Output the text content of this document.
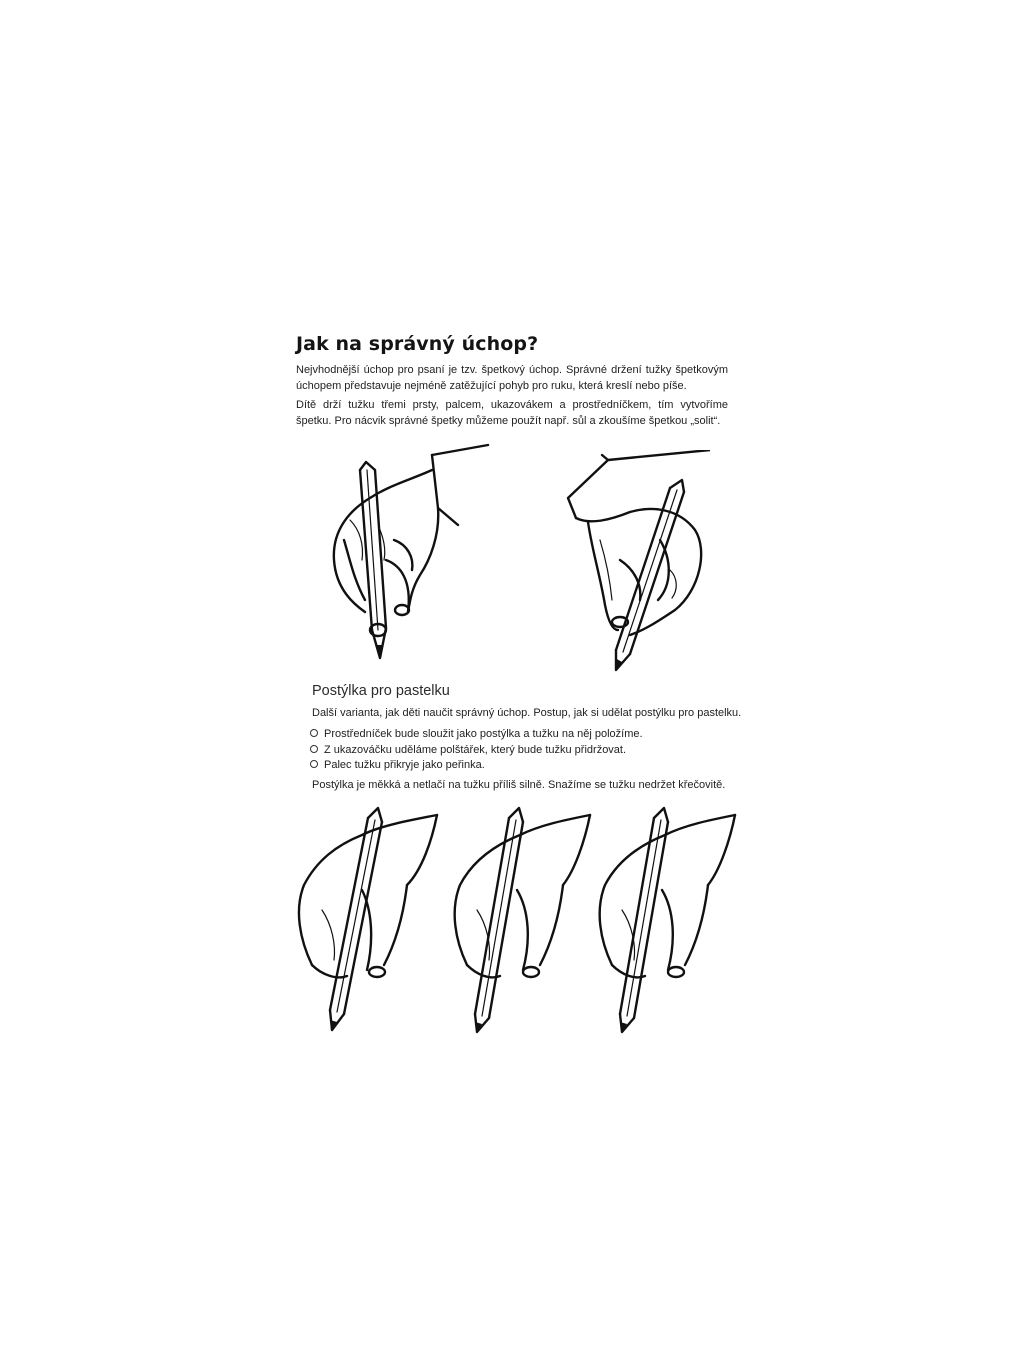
Jak na správný úchop?
Nejvhodnější úchop pro psaní je tzv. špetkový úchop. Správné držení tužky špetkovým úchopem představuje nejméně zatěžující pohyb pro ruku, která kreslí nebo píše.
Dítě drží tužku třemi prsty, palcem, ukazovákem a prostředníčkem, tím vytvoříme špetku. Pro nácvik správné špetky můžeme použít např. sůl a zkoušíme špetkou „solit“.
Postýlka pro pastelku
Další varianta, jak děti naučit správný úchop. Postup, jak si udělat postýlku pro pastelku.
Prostředníček bude sloužit jako postýlka a tužku na něj položíme.
Z ukazováčku uděláme polštářek, který bude tužku přidržovat.
Palec tužku přikryje jako peřinka.
Postýlka je měkká a netlačí na tužku příliš silně. Snažíme se tužku nedržet křečovitě.
